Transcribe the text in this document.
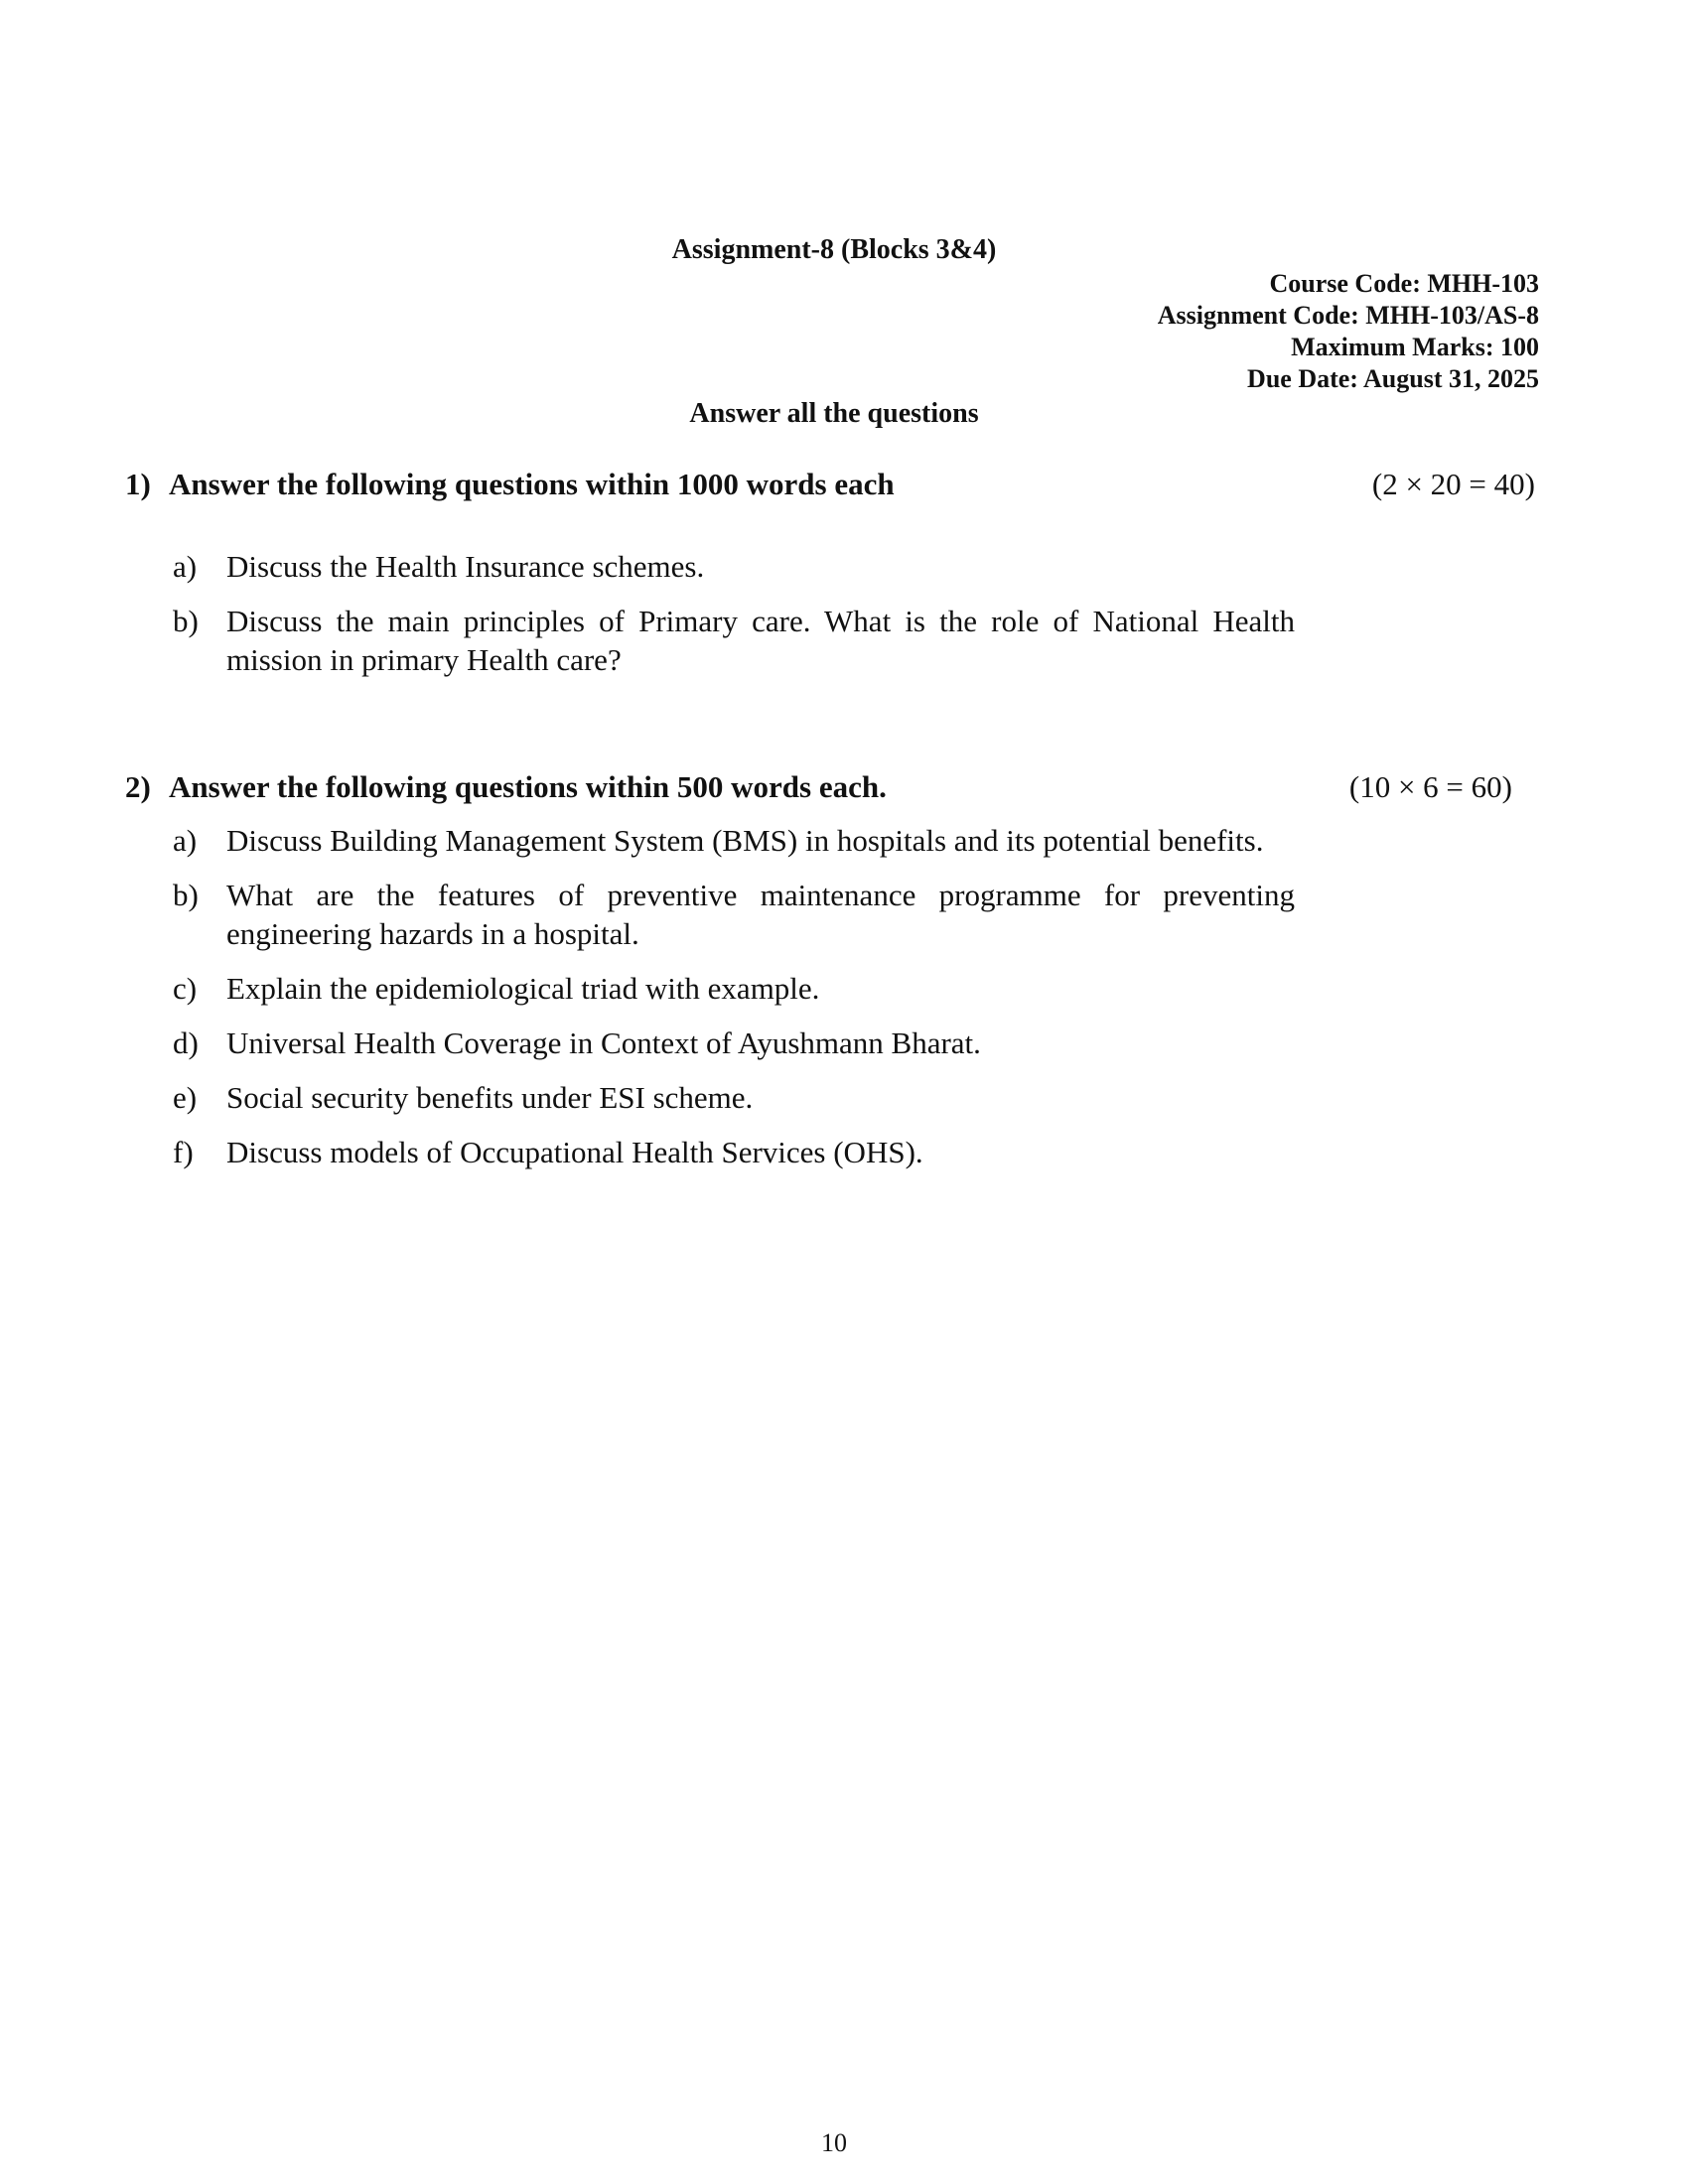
Assignment-8 (Blocks 3&4)
Course Code: MHH-103
Assignment Code: MHH-103/AS-8
Maximum Marks: 100
Due Date: August 31, 2025
Answer all the questions
1) Answer the following questions within 1000 words each	(2 × 20 = 40)
a) Discuss the Health Insurance schemes.
b) Discuss the main principles of Primary care. What is the role of National Health mission in primary Health care?
2) Answer the following questions within 500 words each.	(10 × 6 = 60)
a) Discuss Building Management System (BMS) in hospitals and its potential benefits.
b) What are the features of preventive maintenance programme for preventing engineering hazards in a hospital.
c) Explain the epidemiological triad with example.
d) Universal Health Coverage in Context of Ayushmann Bharat.
e) Social security benefits under ESI scheme.
f) Discuss models of Occupational Health Services (OHS).
10
